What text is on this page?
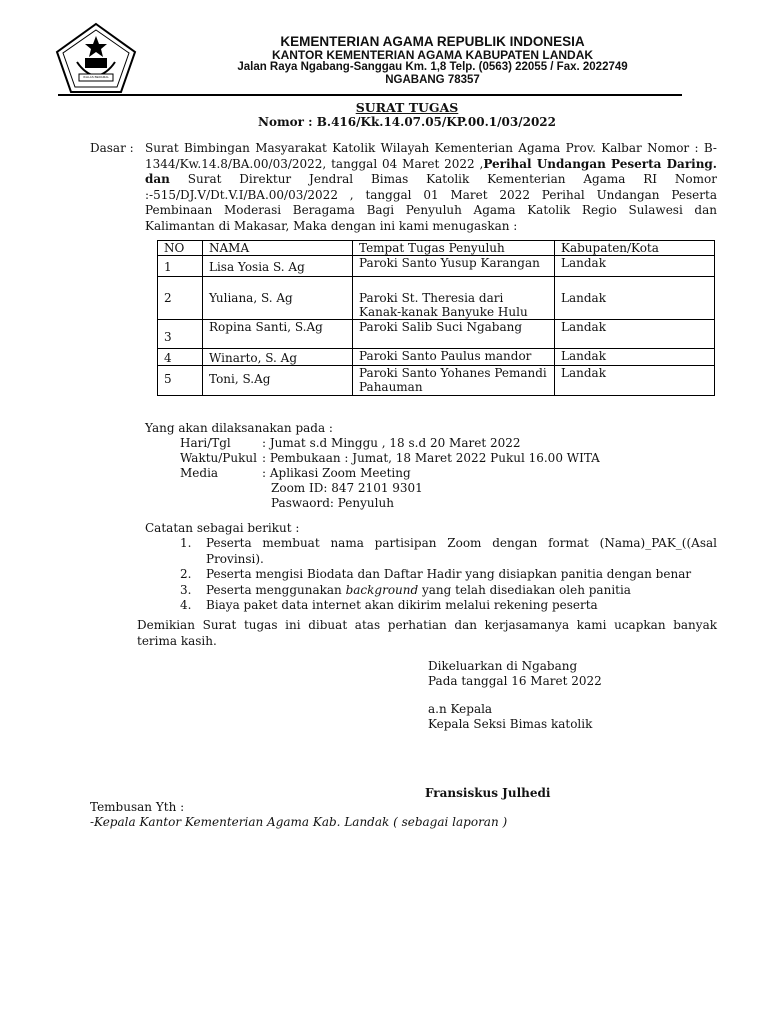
IKHLAS BERAMAL
KEMENTERIAN AGAMA REPUBLIK INDONESIA
KANTOR KEMENTERIAN AGAMA KABUPATEN LANDAK
Jalan Raya Ngabang-Sanggau Km. 1,8 Telp. (0563) 22055 / Fax. 2022749
NGABANG 78357
SURAT TUGAS
Nomor : B.416/Kk.14.07.05/KP.00.1/03/2022
Dasar : Surat Bimbingan Masyarakat Katolik Wilayah Kementerian Agama Prov. Kalbar Nomor : B-1344/Kw.14.8/BA.00/03/2022, tanggal 04 Maret 2022 ,Perihal Undangan Peserta Daring. dan Surat Direktur Jendral Bimas Katolik Kementerian Agama RI Nomor :-515/DJ.V/Dt.V.I/BA.00/03/2022 , tanggal 01 Maret 2022 Perihal Undangan Peserta Pembinaan Moderasi Beragama Bagi Penyuluh Agama Katolik Regio Sulawesi dan Kalimantan di Makasar, Maka dengan ini kami menugaskan :
NO	NAMA	Tempat Tugas Penyuluh	Kabupaten/Kota
1	Lisa Yosia S. Ag	Paroki Santo Yusup Karangan	Landak
2	Yuliana, S. Ag	Paroki St. Theresia dari Kanak-kanak Banyuke Hulu	Landak
3	Ropina Santi, S.Ag	Paroki Salib Suci Ngabang	Landak
4	Winarto, S. Ag	Paroki Santo Paulus mandor	Landak
5	Toni, S.Ag	Paroki Santo Yohanes Pemandi Pahauman	Landak
Yang akan dilaksanakan pada :
Hari/Tgl	: Jumat s.d Minggu , 18 s.d 20 Maret 2022
Waktu/Pukul : Pembukaan : Jumat, 18 Maret 2022 Pukul 16.00 WITA
Media	: Aplikasi Zoom Meeting
Zoom ID: 847 2101 9301
Paswaord: Penyuluh
Catatan sebagai berikut :
1. Peserta membuat nama partisipan Zoom dengan format (Nama)_PAK_((Asal Provinsi).
2. Peserta mengisi Biodata dan Daftar Hadir yang disiapkan panitia dengan benar
3. Peserta menggunakan background yang telah disediakan oleh panitia
4. Biaya paket data internet akan dikirim melalui rekening peserta
Demikian Surat tugas ini dibuat atas perhatian dan kerjasamanya kami ucapkan banyak terima kasih.
Dikeluarkan di Ngabang
Pada tanggal 16 Maret 2022
a.n Kepala
Kepala Seksi Bimas katolik
Fransiskus Julhedi
Tembusan Yth :
-Kepala Kantor Kementerian Agama Kab. Landak ( sebagai laporan )
